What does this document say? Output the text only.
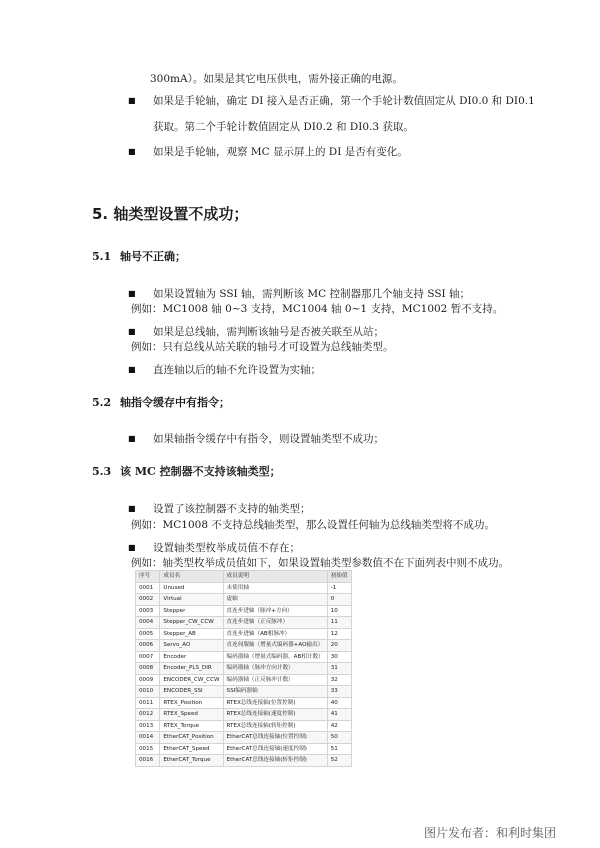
300mA）。如果是其它电压供电，需外接正确的电源。
■ 如果是手轮轴，确定 DI 接入是否正确，第一个手轮计数值固定从 DI0.0 和 DI0.1
获取。第二个手轮计数值固定从 DI0.2 和 DI0.3 获取。
■ 如果是手轮轴，观察 MC 显示屏上的 DI 是否有变化。
5. 轴类型设置不成功；
5.1 轴号不正确；
■ 如果设置轴为 SSI 轴，需判断该 MC 控制器那几个轴支持 SSI 轴；
例如：MC1008 轴 0~3 支持，MC1004 轴 0~1 支持，MC1002 暂不支持。
■ 如果是总线轴，需判断该轴号是否被关联至从站；
例如：只有总线从站关联的轴号才可设置为总线轴类型。
■ 直连轴以后的轴不允许设置为实轴；
5.2 轴指令缓存中有指令；
■ 如果轴指令缓存中有指令，则设置轴类型不成功；
5.3 该 MC 控制器不支持该轴类型；
■ 设置了该控制器不支持的轴类型；
例如：MC1008 不支持总线轴类型，那么设置任何轴为总线轴类型将不成功。
■ 设置轴类型枚举成员值不存在；
例如：轴类型枚举成员值如下，如果设置轴类型参数值不在下面列表中则不成功。
序号	成员名	成员说明	初始值
0001	Unused	未使用轴	-1
0002	Virtual	虚轴	0
0003	Stepper	直连步进轴（脉冲+方向）	10
0004	Stepper_CW_CCW	直连步进轴（正反脉冲）	11
0005	Stepper_AB	直连步进轴（AB相脉冲）	12
0006	Servo_AO	直连伺服轴（增量式编码器+AO输出）	20
0007	Encoder	编码器轴（增量式编码器，AB相计数）	30
0008	Encoder_PLS_DIR	编码器轴（脉冲方向计数）	31
0009	ENCODER_CW_CCW	编码器轴（正反脉冲计数）	32
0010	ENCODER_SSI	SSI编码器轴	33
0011	RTEX_Position	RTEX总线连接轴(位置控制)	40
0012	RTEX_Speed	RTEX总线连接轴(速度控制)	41
0013	RTEX_Torque	RTEX总线连接轴(转矩控制)	42
0014	EtherCAT_Position	EtherCAT总线连接轴(位置控制)	50
0015	EtherCAT_Speed	EtherCAT总线连接轴(速度控制)	51
0016	EtherCAT_Torque	EtherCAT总线连接轴(转矩控制)	52
图片发布者：和利时集团
